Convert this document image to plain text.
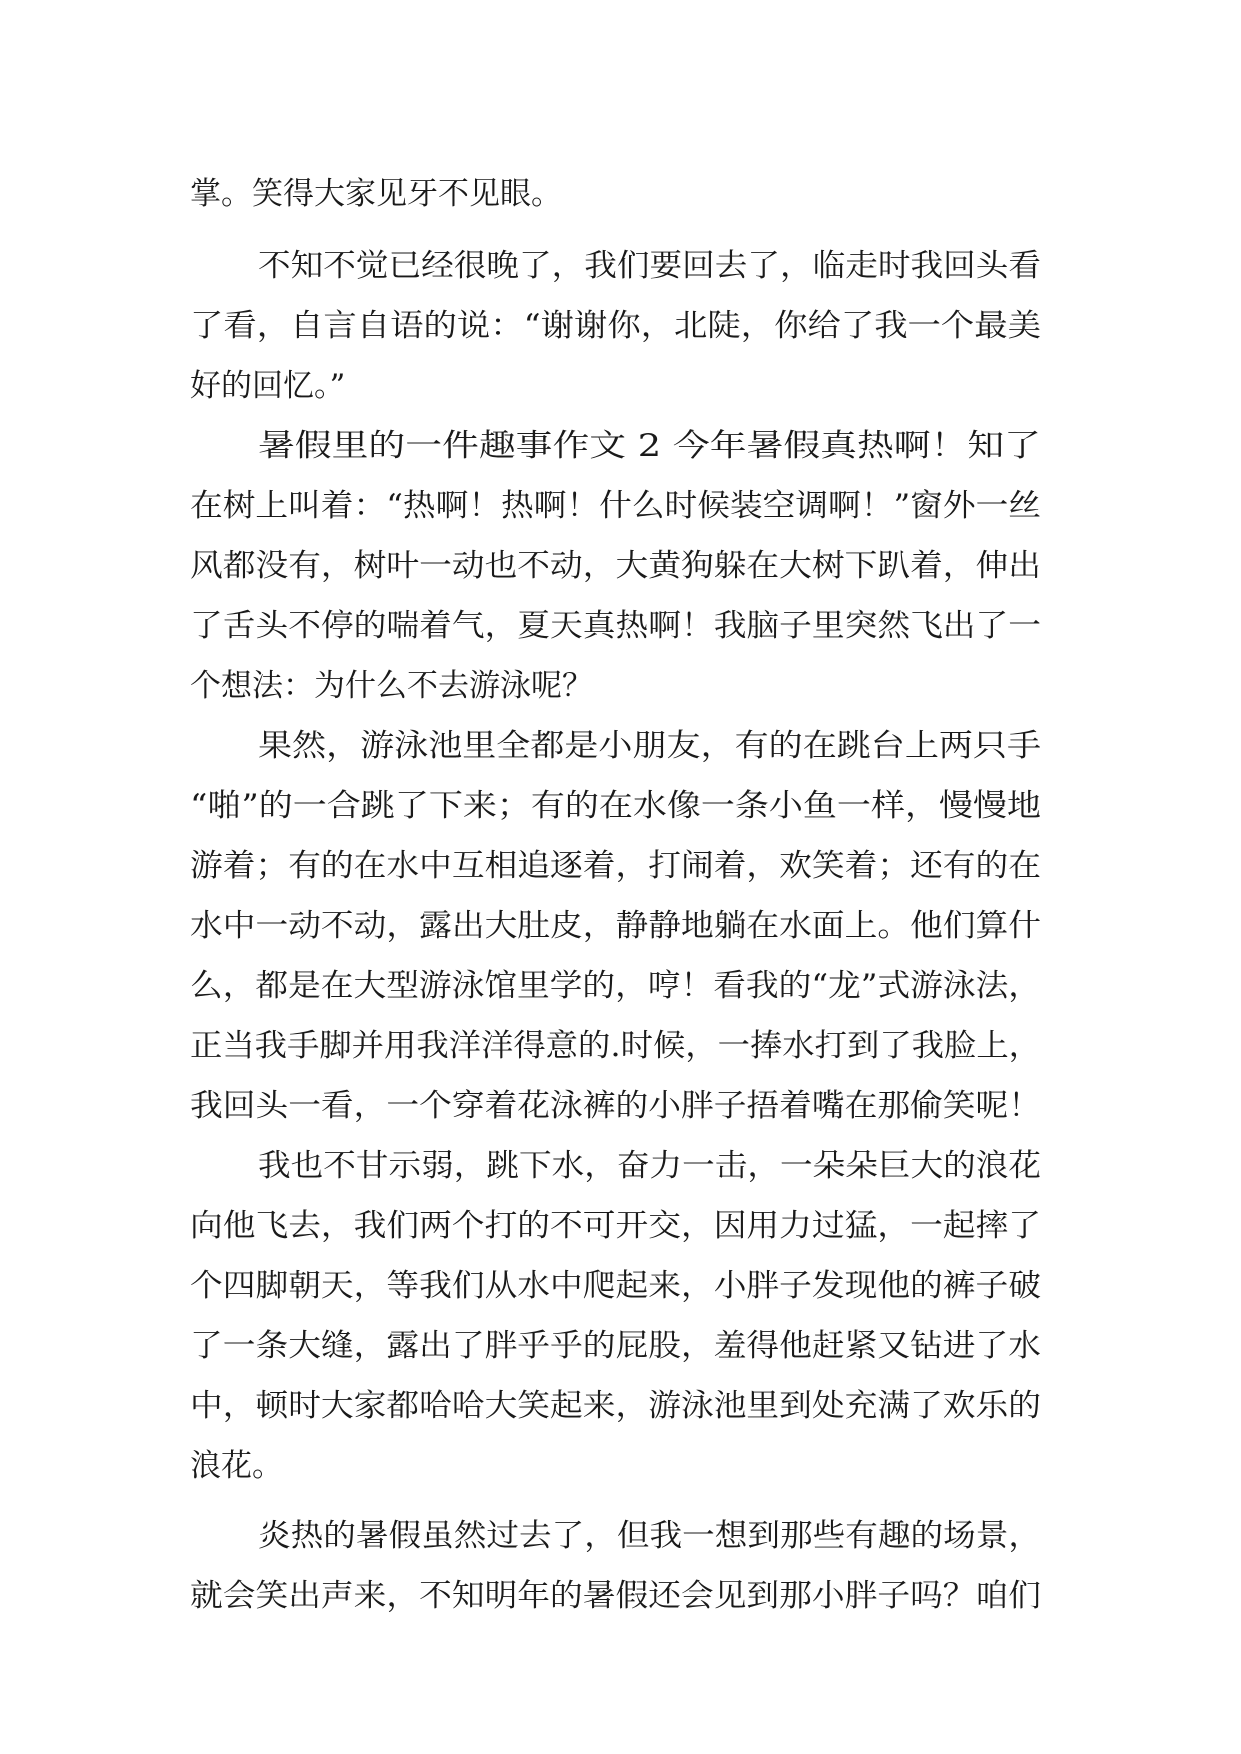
掌。笑得大家见牙不见眼。
不知不觉已经很晚了，我们要回去了，临走时我回头看
了看，自言自语的说：“谢谢你，北陡，你给了我一个最美
好的回忆。”
暑假里的一件趣事作文 2 今年暑假真热啊！知了
在树上叫着：“热啊！热啊！什么时候装空调啊！”窗外一丝
风都没有，树叶一动也不动，大黄狗躲在大树下趴着，伸出
了舌头不停的喘着气，夏天真热啊！我脑子里突然飞出了一
个想法：为什么不去游泳呢？
果然，游泳池里全都是小朋友，有的在跳台上两只手
“啪”的一合跳了下来；有的在水像一条小鱼一样，慢慢地
游着；有的在水中互相追逐着，打闹着，欢笑着；还有的在
水中一动不动，露出大肚皮，静静地躺在水面上。他们算什
么，都是在大型游泳馆里学的，哼！看我的“龙”式游泳法，
正当我手脚并用我洋洋得意的.时候，一捧水打到了我脸上，
我回头一看，一个穿着花泳裤的小胖子捂着嘴在那偷笑呢！
我也不甘示弱，跳下水，奋力一击，一朵朵巨大的浪花
向他飞去，我们两个打的不可开交，因用力过猛，一起摔了
个四脚朝天，等我们从水中爬起来，小胖子发现他的裤子破
了一条大缝，露出了胖乎乎的屁股，羞得他赶紧又钻进了水
中，顿时大家都哈哈大笑起来，游泳池里到处充满了欢乐的
浪花。
炎热的暑假虽然过去了，但我一想到那些有趣的场景，
就会笑出声来，不知明年的暑假还会见到那小胖子吗？咱们
